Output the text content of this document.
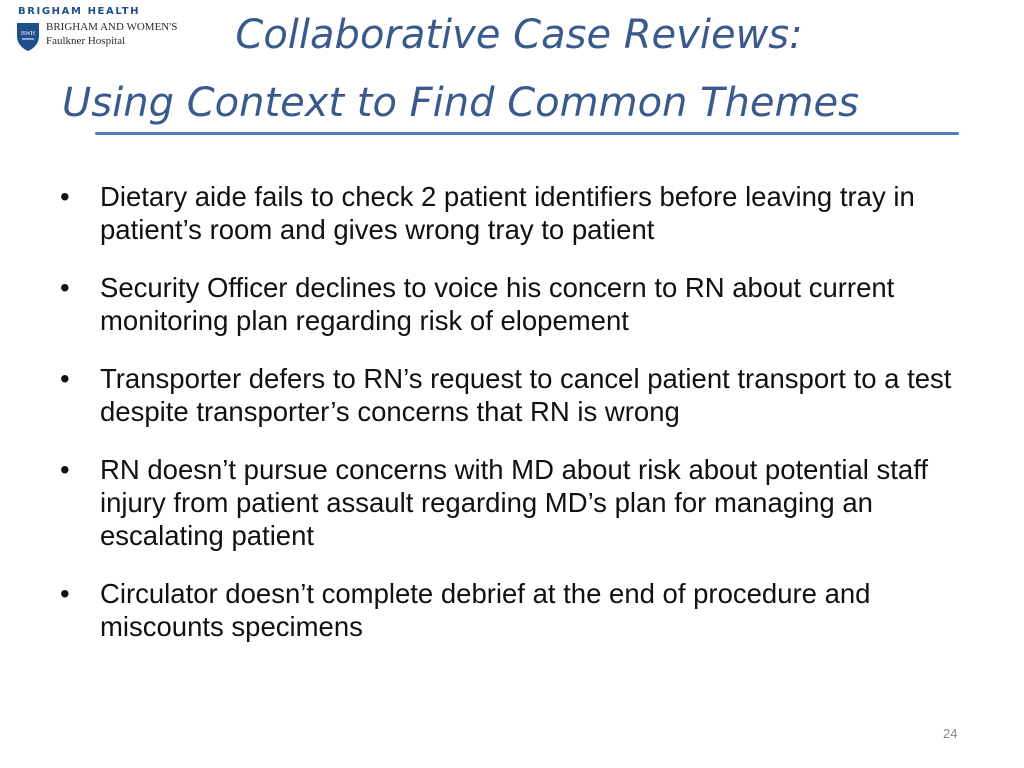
BRIGHAM HEALTH
BWH
BRIGHAM AND WOMEN'S
Faulkner Hospital	Collaborative Case Reviews:
Using Context to Find Common Themes
•	Dietary aide fails to check 2 patient identifiers before leaving tray in patient’s room and gives wrong tray to patient
•	Security Officer declines to voice his concern to RN about current monitoring plan regarding risk of elopement
•	Transporter defers to RN’s request to cancel patient transport to a test despite transporter’s concerns that RN is wrong
•	RN doesn’t pursue concerns with MD about risk about potential staff injury from patient assault regarding MD’s plan for managing an escalating patient
•	Circulator doesn’t complete debrief at the end of procedure and miscounts specimens
24
